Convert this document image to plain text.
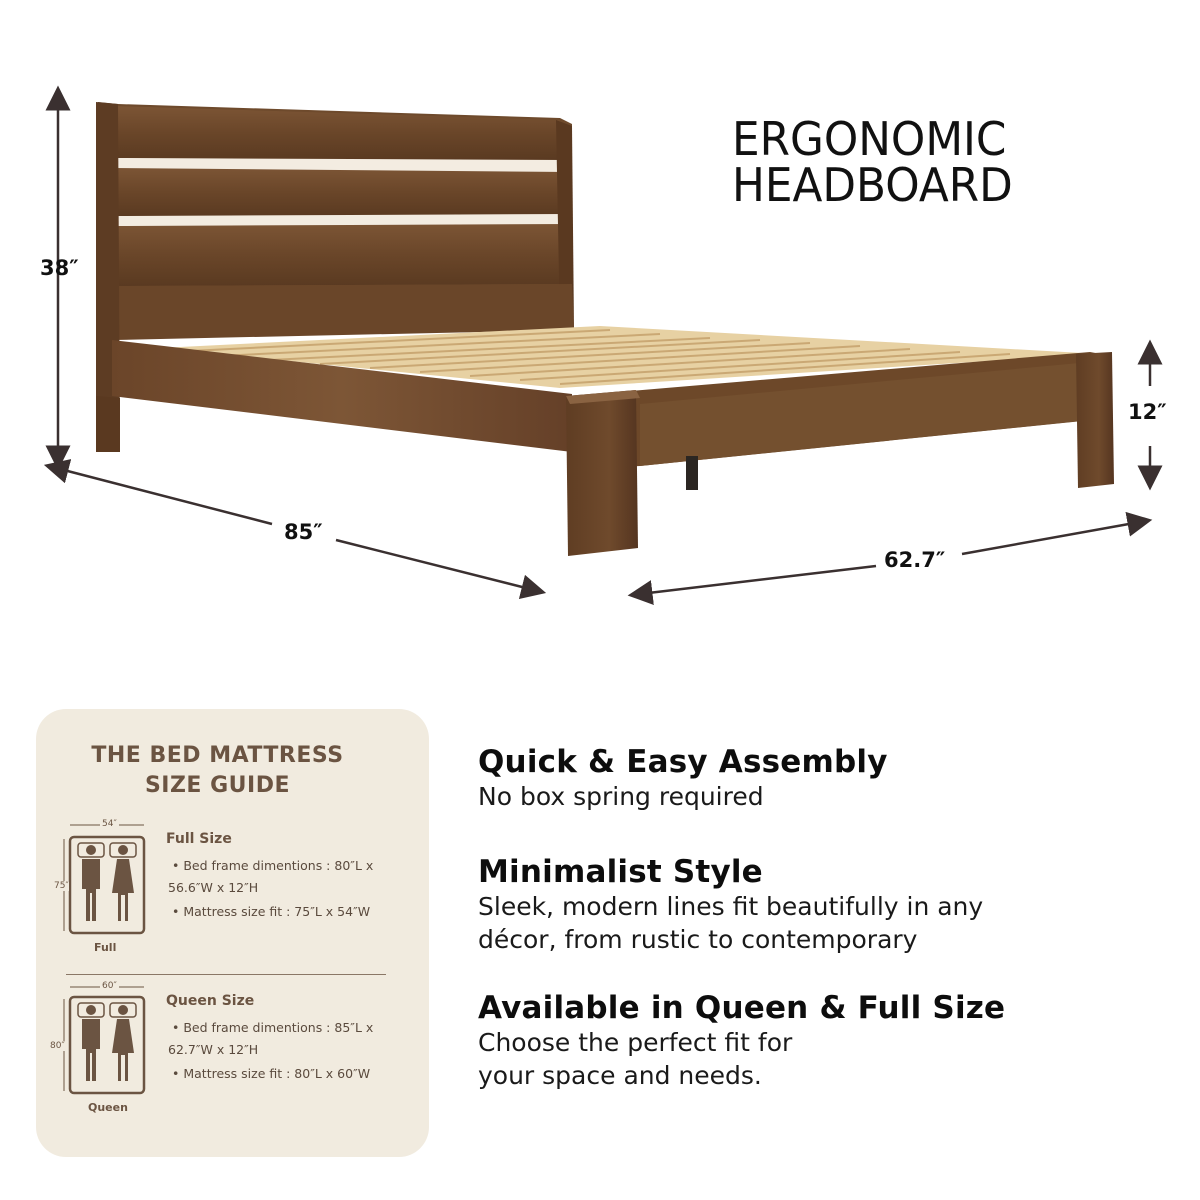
38″
85″
62.7″
12″
ERGONOMIC
HEADBOARD
THE BED MATTRESS
SIZE GUIDE
54″
75″
Full
Full Size
• Bed frame dimentions : 80″L x
56.6″W x 12″H
• Mattress size fit : 75″L x 54″W
60″
80″
Queen
Queen Size
• Bed frame dimentions : 85″L x
62.7″W x 12″H
• Mattress size fit : 80″L x 60″W
Quick & Easy Assembly
No box spring required
Minimalist Style
Sleek, modern lines fit beautifully in any
décor, from rustic to contemporary
Available in Queen & Full Size
Choose the perfect fit for
your space and needs.
